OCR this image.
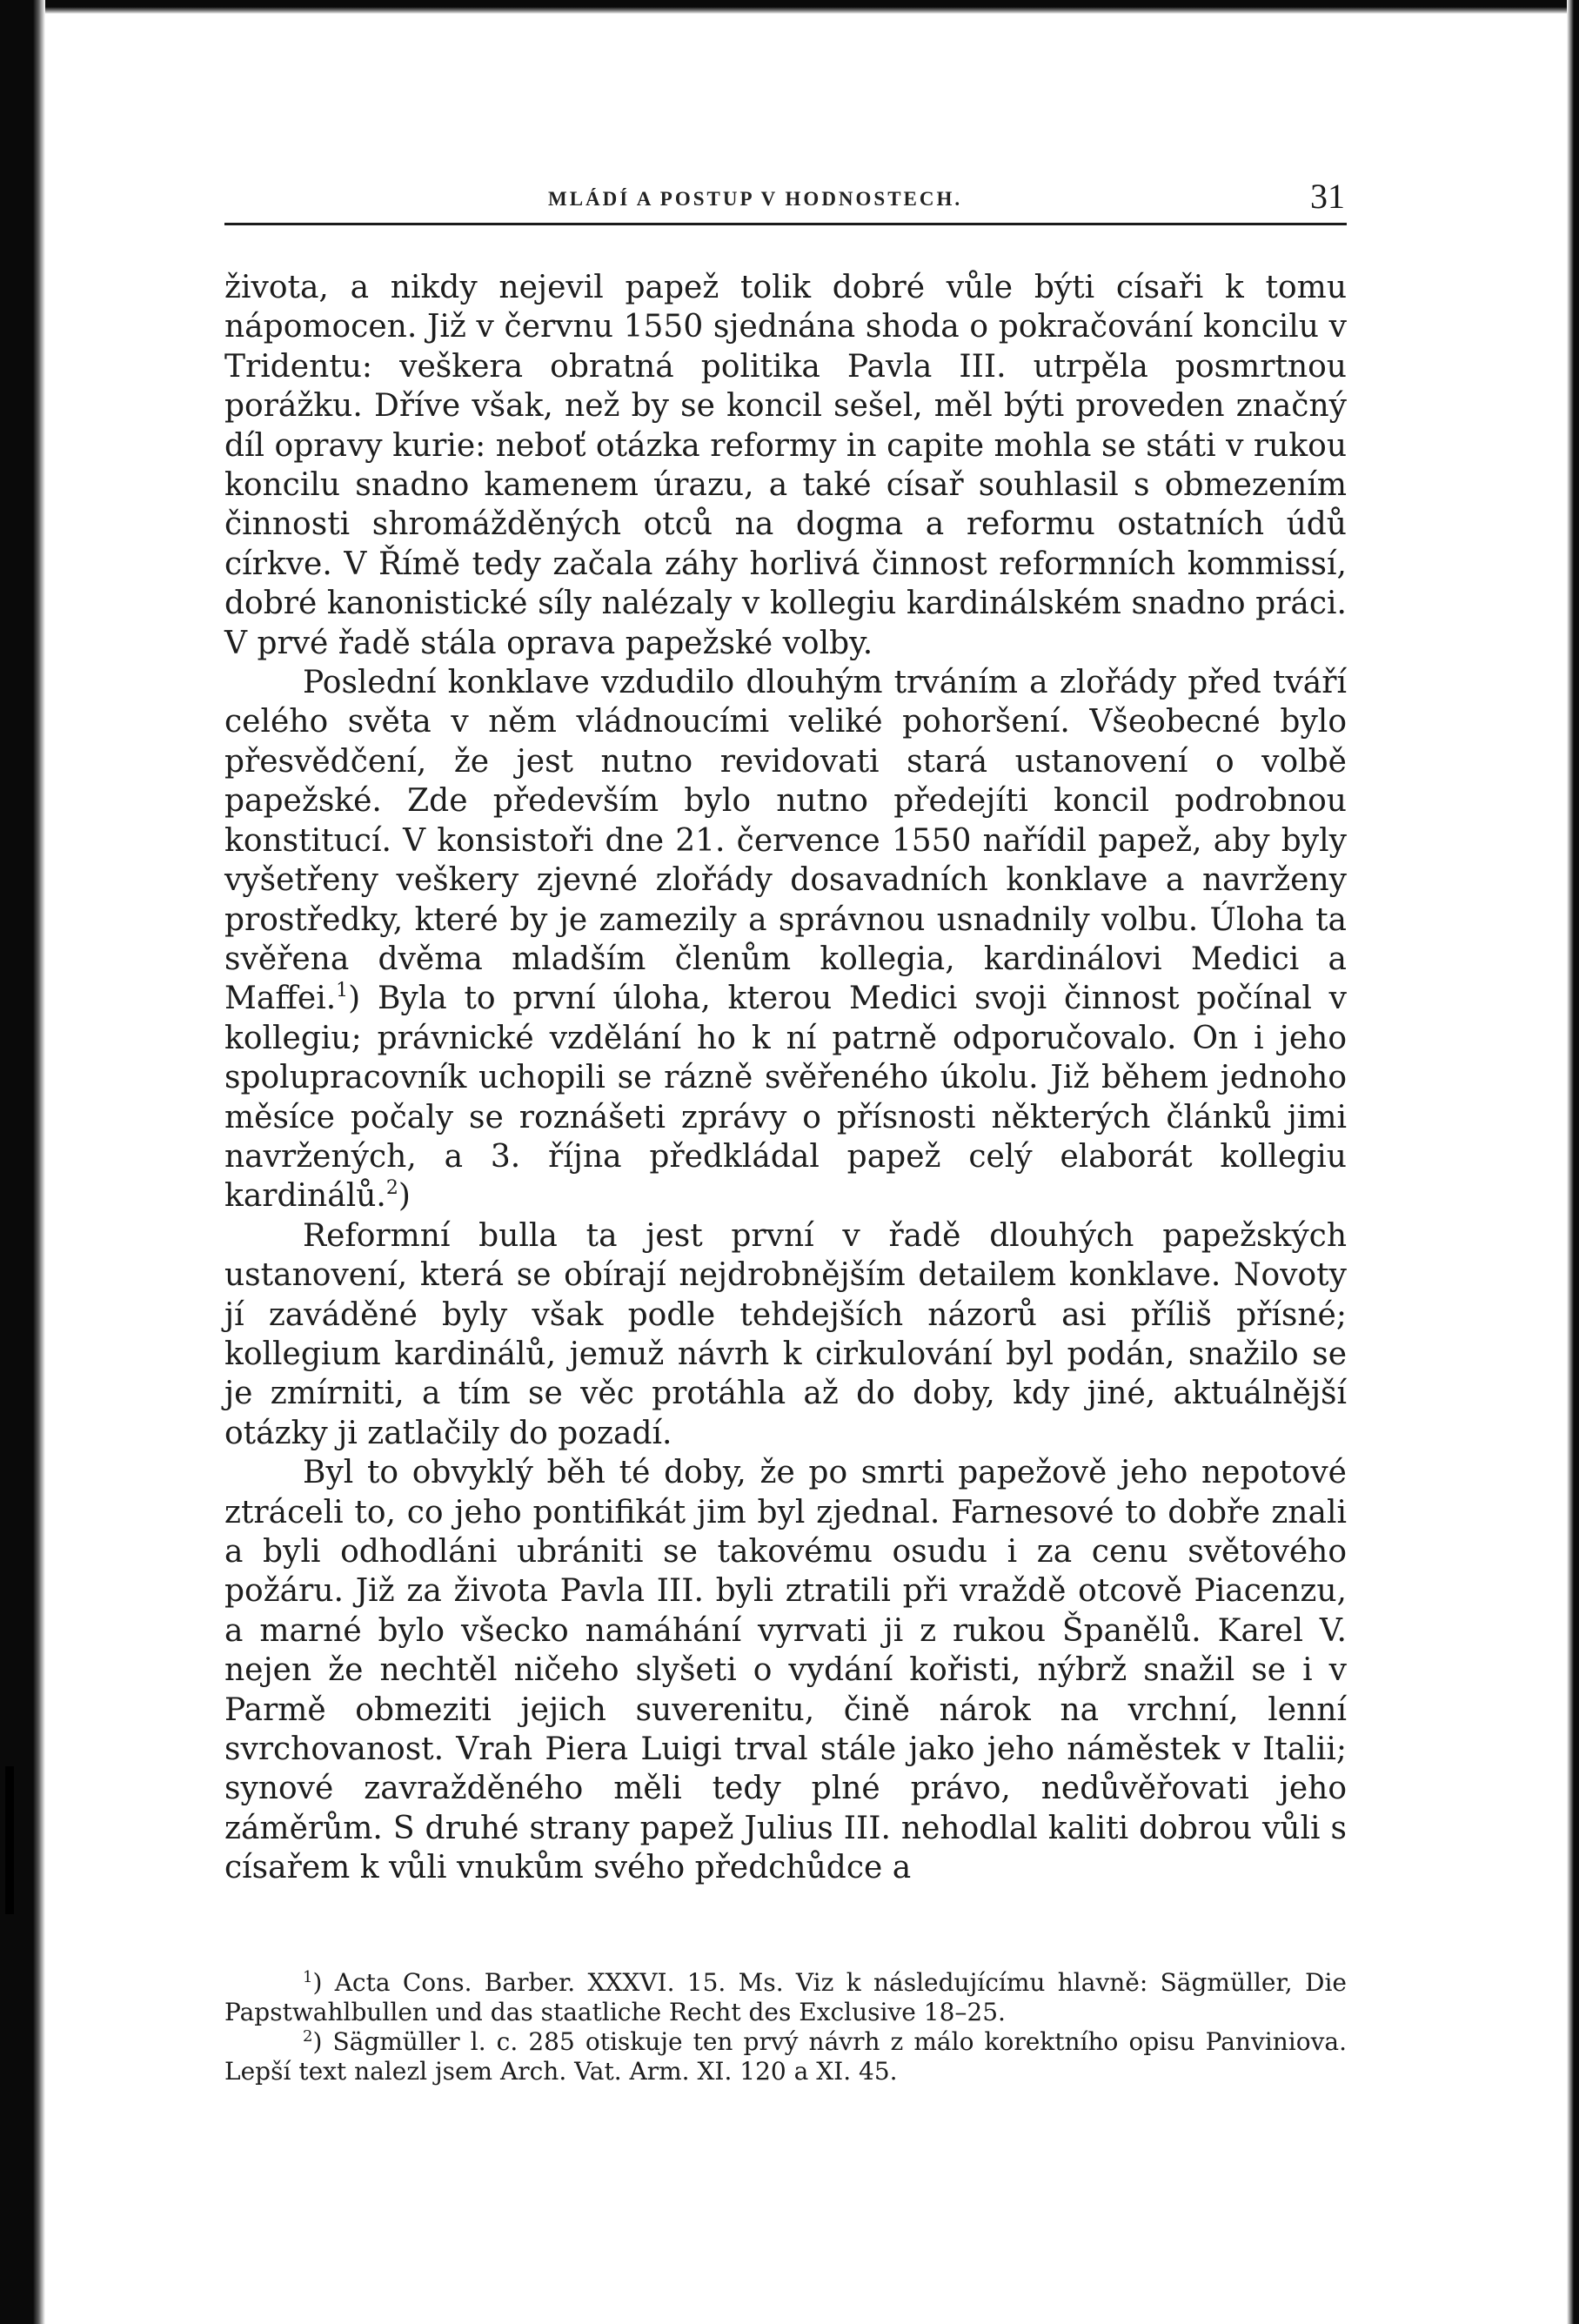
MLÁDÍ A POSTUP V HODNOSTECH.	31

života, a nikdy nejevil papež tolik dobré vůle býti císaři k tomu nápomocen. Již v červnu 1550 sjednána shoda o pokračování koncilu v Tridentu: veškera obratná politika Pavla III. utrpěla posmrtnou porážku. Dříve však, než by se koncil sešel, měl býti proveden značný díl opravy kurie: neboť otázka reformy in capite mohla se státi v rukou koncilu snadno kamenem úrazu, a také císař souhlasil s obmezením činnosti shromážděných otců na dogma a reformu ostatních údů církve. V Římě tedy začala záhy horlivá činnost reformních kommissí, dobré kanonistické síly nalézaly v kollegiu kardinálském snadno práci. V prvé řadě stála oprava papežské volby.

Poslední konklave vzdudilo dlouhým trváním a zlořády před tváří celého světa v něm vládnoucími veliké pohoršení. Všeobecné bylo přesvědčení, že jest nutno revidovati stará ustanovení o volbě papežské. Zde především bylo nutno předejíti koncil podrobnou konstitucí. V konsistoři dne 21. července 1550 nařídil papež, aby byly vyšetřeny veškery zjevné zlořády dosavadních konklave a navrženy prostředky, které by je zamezily a správnou usnadnily volbu. Úloha ta svěřena dvěma mladším členům kollegia, kardinálovi Medici a Maffei.$^1$) Byla to první úloha, kterou Medici svoji činnost počínal v kollegiu; právnické vzdělání ho k ní patrně odporučovalo. On i jeho spolupracovník uchopili se rázně svěřeného úkolu. Již během jednoho měsíce počaly se roznášeti zprávy o přísnosti některých článků jimi navržených, a 3. října předkládal papež celý elaborát kollegiu kardinálů.$^2$)

Reformní bulla ta jest první v řadě dlouhých papežských ustanovení, která se obírají nejdrobnějším detailem konklave. Novoty jí zaváděné byly však podle tehdejších názorů asi příliš přísné; kollegium kardinálů, jemuž návrh k cirkulování byl podán, snažilo se je zmírniti, a tím se věc protáhla až do doby, kdy jiné, aktuálnější otázky ji zatlačily do pozadí.

Byl to obvyklý běh té doby, že po smrti papežově jeho nepotové ztráceli to, co jeho pontifikát jim byl zjednal. Farnesové to dobře znali a byli odhodláni ubrániti se takovému osudu i za cenu světového požáru. Již za života Pavla III. byli ztratili při vraždě otcově Piacenzu, a marné bylo všecko namáhání vyrvati ji z rukou Španělů. Karel V. nejen že nechtěl ničeho slyšeti o vydání kořisti, nýbrž snažil se i v Parmě obmeziti jejich suverenitu, čině nárok na vrchní, lenní svrchovanost. Vrah Piera Luigi trval stále jako jeho náměstek v Italii; synové zavražděného měli tedy plné právo, nedůvěřovati jeho záměrům. S druhé strany papež Julius III. nehodlal kaliti dobrou vůli s císařem k vůli vnukům svého předchůdce a

$^1$) Acta Cons. Barber. XXXVI. 15. Ms. Viz k následujícímu hlavně: Sägmüller, Die Papstwahlbullen und das staatliche Recht des Exclusive 18–25.

$^2$) Sägmüller l. c. 285 otiskuje ten prvý návrh z málo korektního opisu Panviniova. Lepší text nalezl jsem Arch. Vat. Arm. XI. 120 a XI. 45.
